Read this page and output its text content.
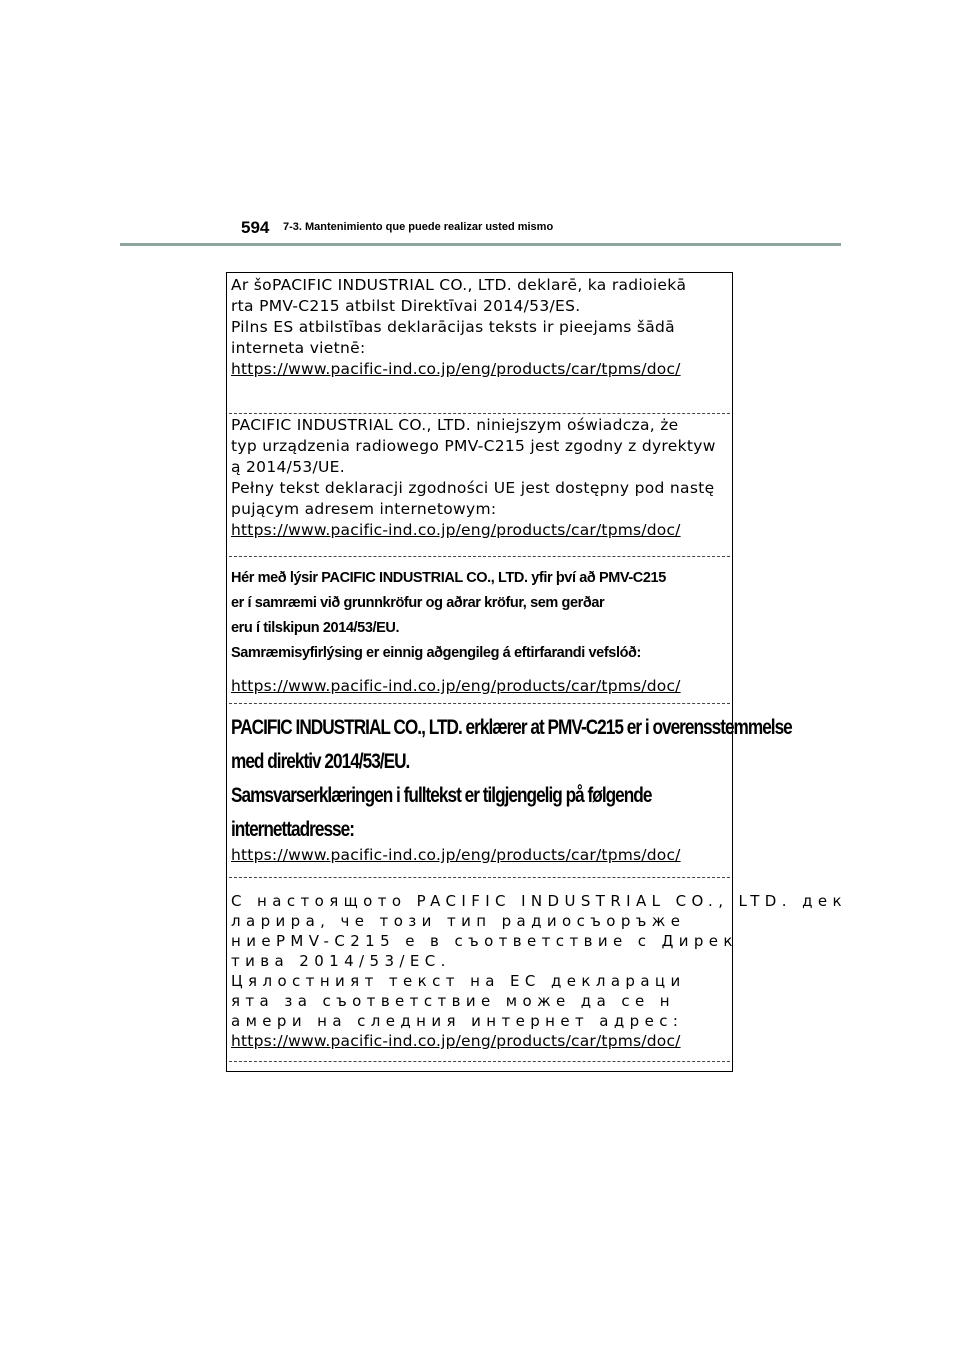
594 7-3. Mantenimiento que puede realizar usted mismo
Ar šoPACIFIC INDUSTRIAL CO., LTD. deklarē, ka radioiekā
rta PMV-C215 atbilst Direktīvai 2014/53/ES.
Pilns ES atbilstības deklarācijas teksts ir pieejams šādā
interneta vietnē:
https://www.pacific-ind.co.jp/eng/products/car/tpms/doc/
PACIFIC INDUSTRIAL CO., LTD. niniejszym oświadcza, że
typ urządzenia radiowego PMV-C215 jest zgodny z dyrektyw
ą 2014/53/UE.
Pełny tekst deklaracji zgodności UE jest dostępny pod nastę
pującym adresem internetowym:
https://www.pacific-ind.co.jp/eng/products/car/tpms/doc/
Hér með lýsir PACIFIC INDUSTRIAL CO., LTD. yfir því að PMV-C215
er í samræmi við grunnkröfur og aðrar kröfur, sem gerðar
eru í tilskipun 2014/53/EU.
Samræmisyfirlýsing er einnig aðgengileg á eftirfarandi vefslóð:
https://www.pacific-ind.co.jp/eng/products/car/tpms/doc/
PACIFIC INDUSTRIAL CO., LTD. erklærer at PMV-C215 er i overensstemmelse
med direktiv 2014/53/EU.
Samsvarserklæringen i fulltekst er tilgjengelig på følgende
internettadresse:
https://www.pacific-ind.co.jp/eng/products/car/tpms/doc/
С настоящото PACIFIC INDUSTRIAL CO., LTD. дек
ларира, че този тип радиосъоръже
ниеPMV-C215 е в съответствие с Дирек
тива 2014/53/ЕС.
Цялостният текст на ЕС деклараци
ята за съответствие може да се н
амери на следния интернет адрес:
https://www.pacific-ind.co.jp/eng/products/car/tpms/doc/
